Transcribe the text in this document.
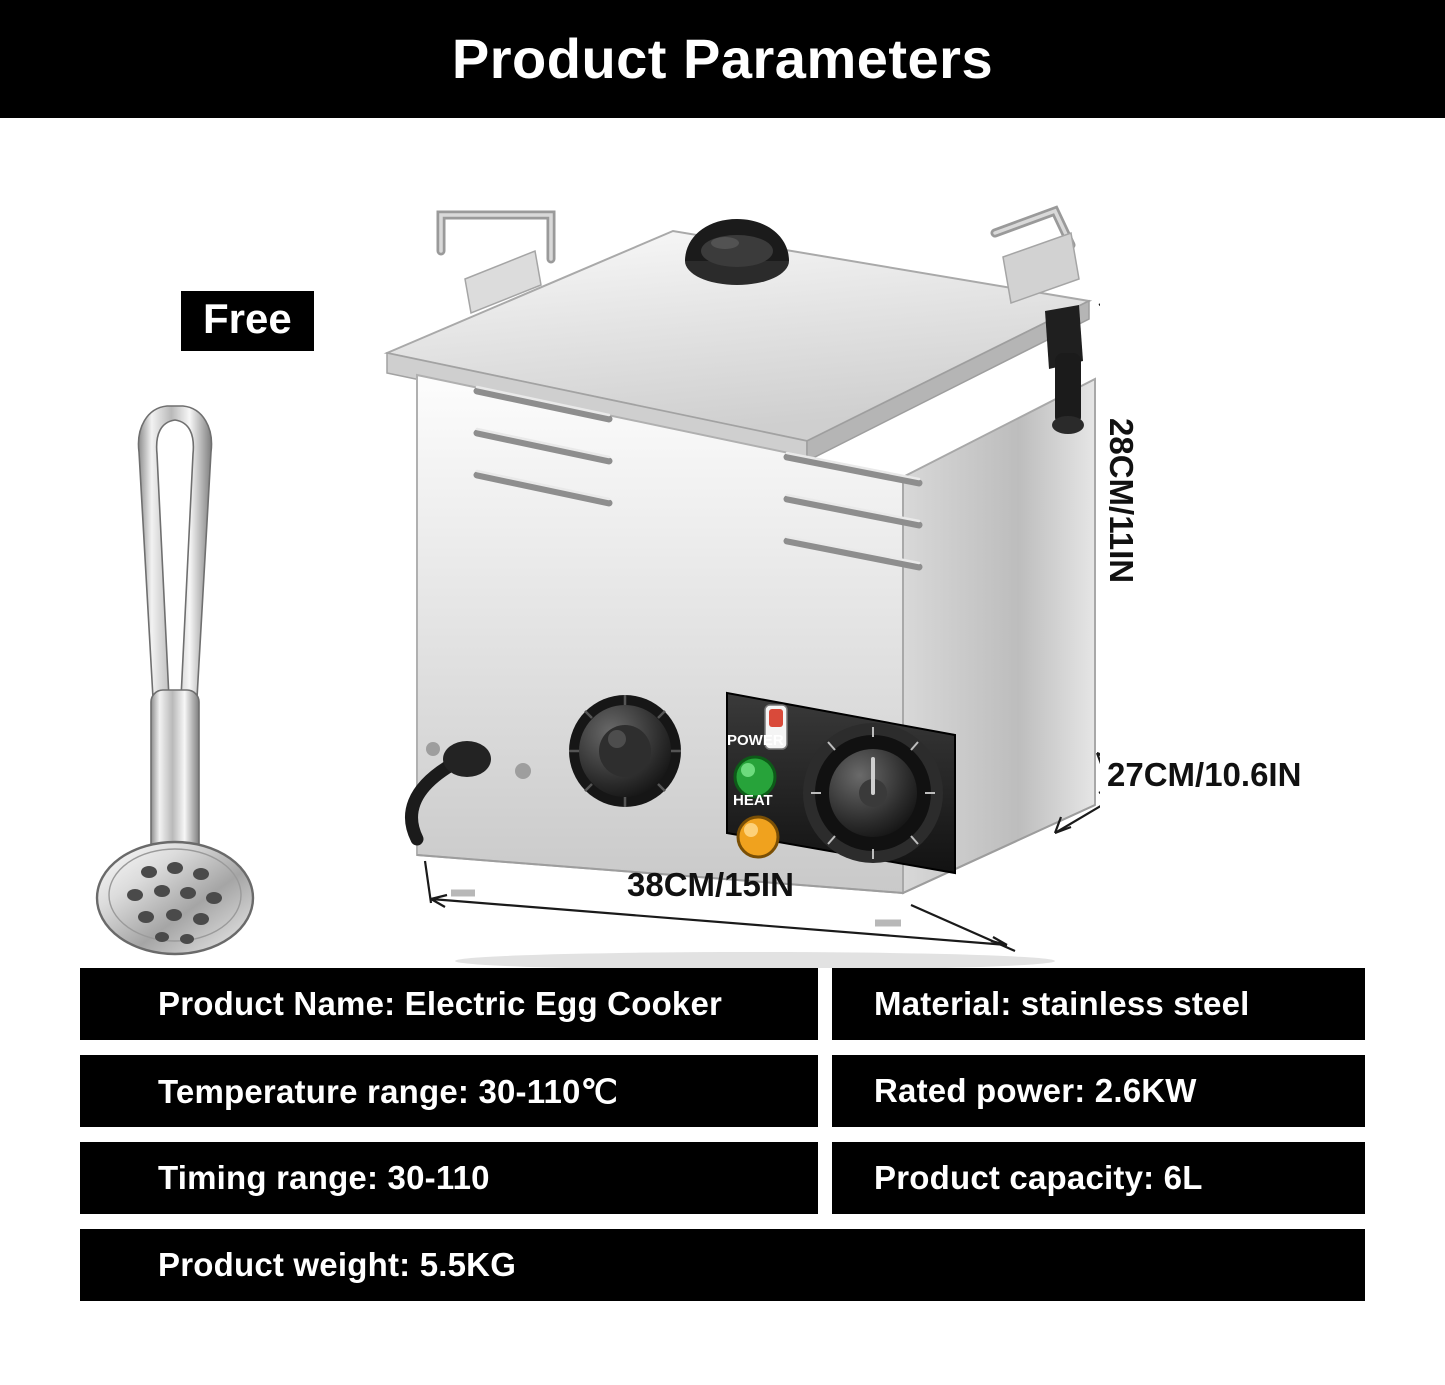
Product Parameters
Free
POWER
HEAT
28CM/11IN
27CM/10.6IN
38CM/15IN
Product Name: Electric Egg Cooker	Material: stainless steel
Temperature range: 30-110℃	Rated power: 2.6KW
Timing range: 30-110	Product capacity: 6L
Product weight: 5.5KG
